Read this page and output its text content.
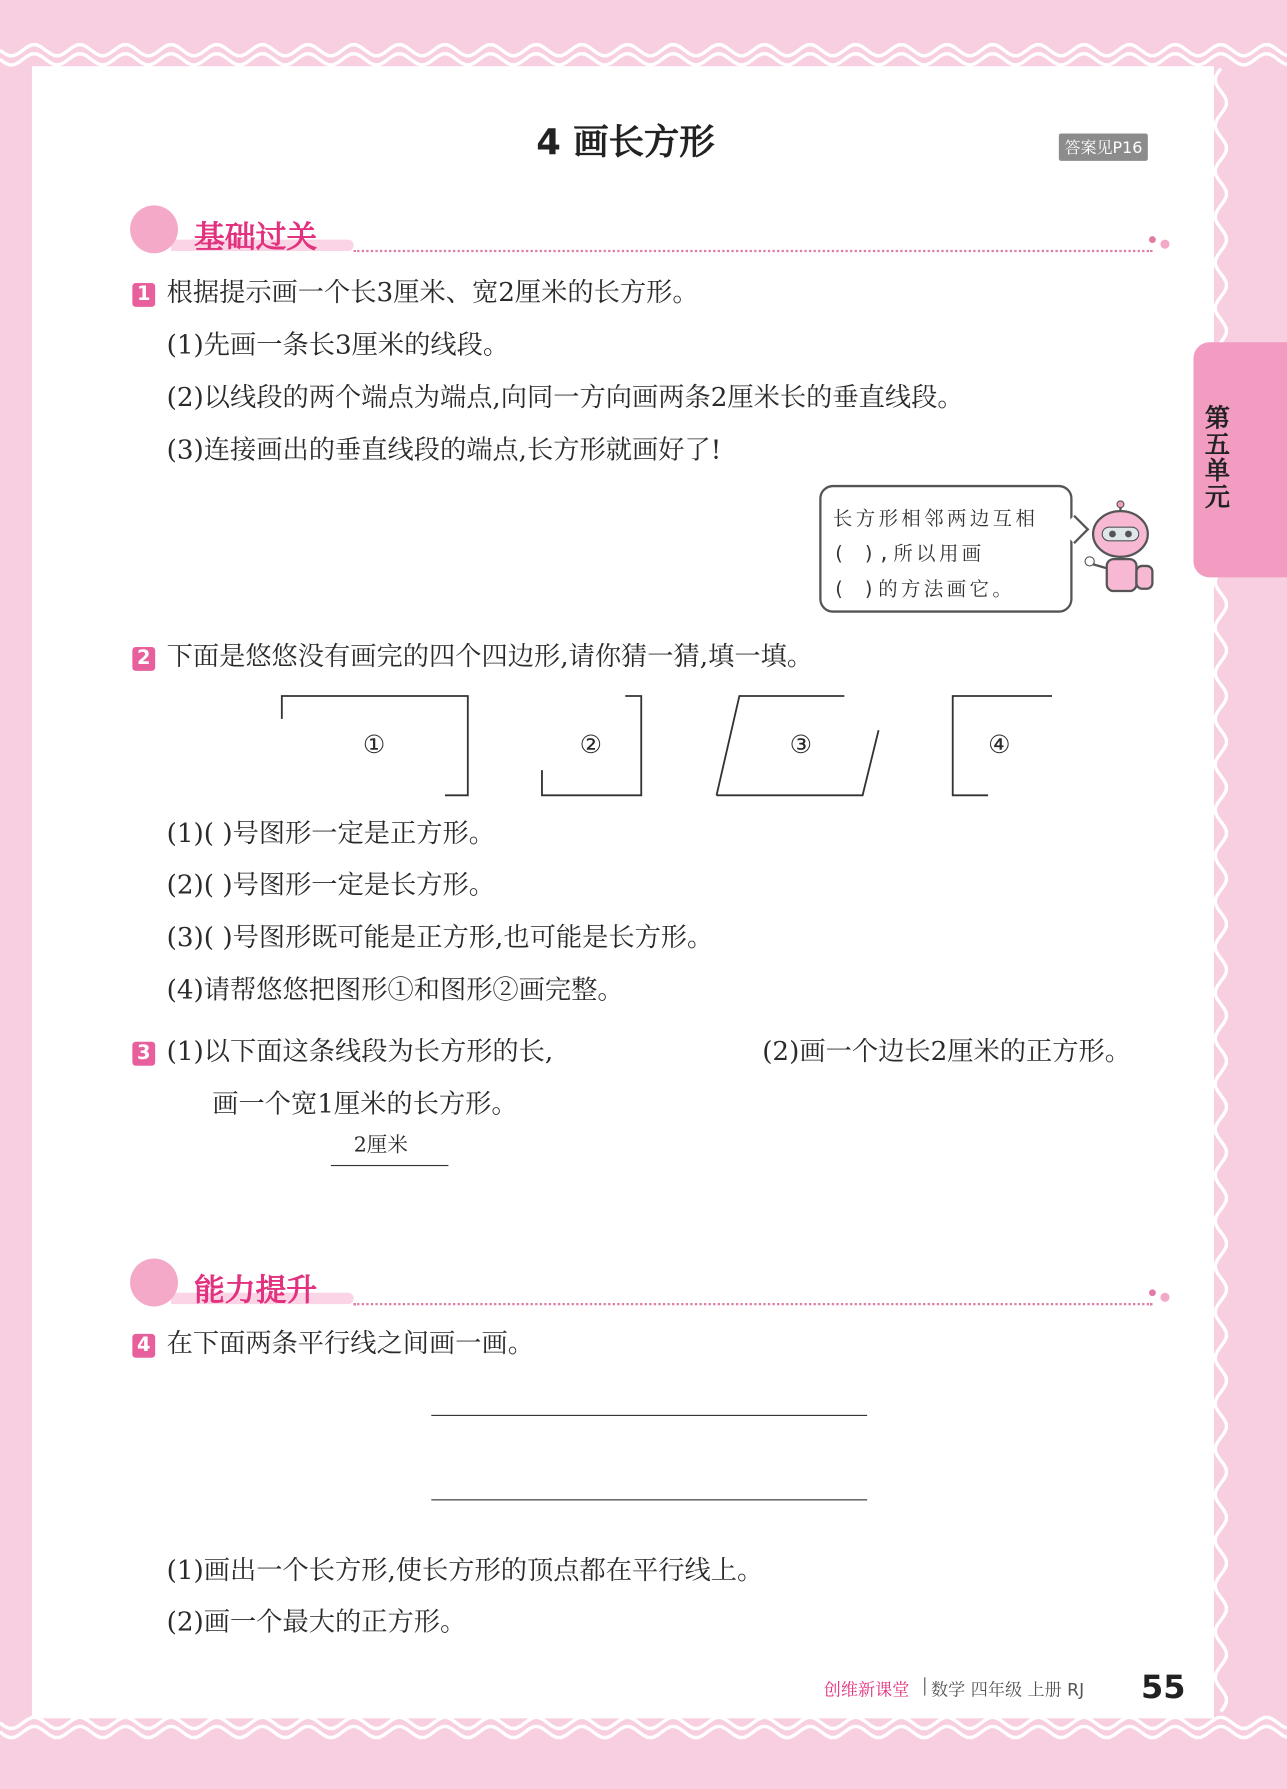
4 画长方形	答案见P16
第五单元
基础过关
1 根据提示画一个长3厘米、宽2厘米的长方形。
(1)先画一条长3厘米的线段。
(2)以线段的两个端点为端点,向同一方向画两条2厘米长的垂直线段。
(3)连接画出的垂直线段的端点,长方形就画好了!
长方形相邻两边互相
( ),所以用画
( )的方法画它。
2 下面是悠悠没有画完的四个四边形,请你猜一猜,填一填。
①	②	③	④
(1)( )号图形一定是正方形。
(2)( )号图形一定是长方形。
(3)( )号图形既可能是正方形,也可能是长方形。
(4)请帮悠悠把图形①和图形②画完整。
3 (1)以下面这条线段为长方形的长,
画一个宽1厘米的长方形。
(2)画一个边长2厘米的正方形。
2厘米
能力提升
4 在下面两条平行线之间画一画。
(1)画出一个长方形,使长方形的顶点都在平行线上。
(2)画一个最大的正方形。
创维新课堂 数学 四年级 上册 RJ 55
